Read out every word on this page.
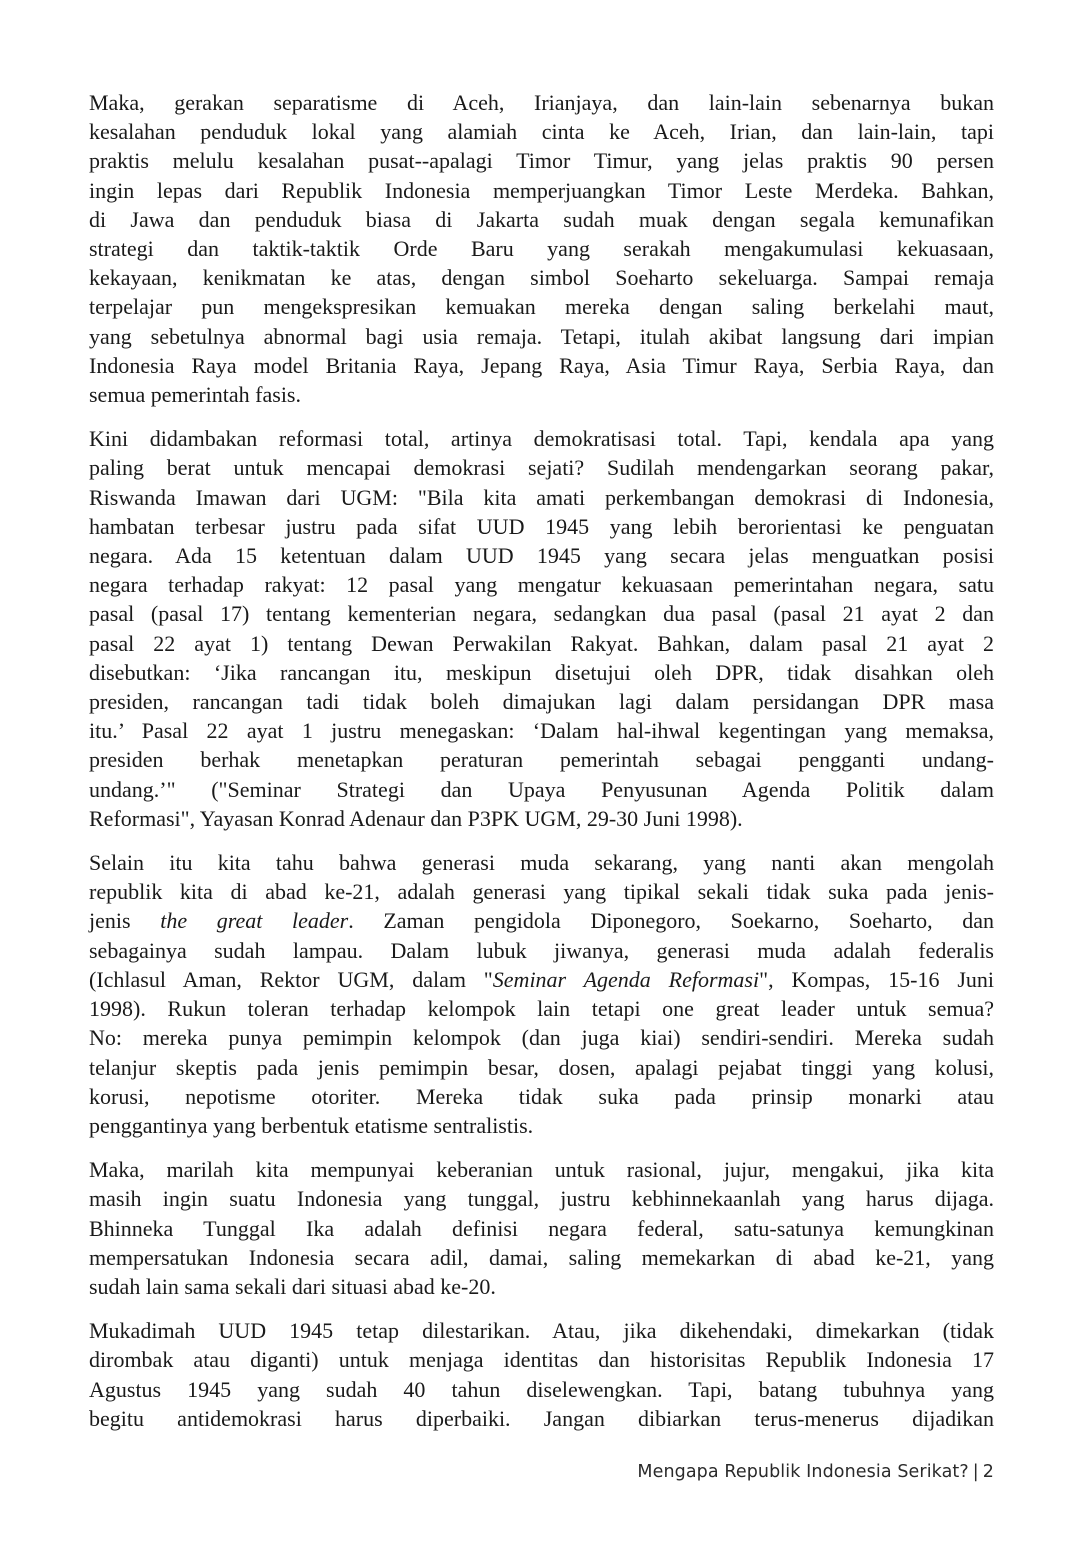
Maka, gerakan separatisme di Aceh, Irianjaya, dan lain-lain sebenarnya bukan
kesalahan penduduk lokal yang alamiah cinta ke Aceh, Irian, dan lain-lain, tapi
praktis melulu kesalahan pusat--apalagi Timor Timur, yang jelas praktis 90 persen
ingin lepas dari Republik Indonesia memperjuangkan Timor Leste Merdeka. Bahkan,
di Jawa dan penduduk biasa di Jakarta sudah muak dengan segala kemunafikan
strategi dan taktik-taktik Orde Baru yang serakah mengakumulasi kekuasaan,
kekayaan, kenikmatan ke atas, dengan simbol Soeharto sekeluarga. Sampai remaja
terpelajar pun mengekspresikan kemuakan mereka dengan saling berkelahi maut,
yang sebetulnya abnormal bagi usia remaja. Tetapi, itulah akibat langsung dari impian
Indonesia Raya model Britania Raya, Jepang Raya, Asia Timur Raya, Serbia Raya, dan
semua pemerintah fasis.

Kini didambakan reformasi total, artinya demokratisasi total. Tapi, kendala apa yang
paling berat untuk mencapai demokrasi sejati? Sudilah mendengarkan seorang pakar,
Riswanda Imawan dari UGM: "Bila kita amati perkembangan demokrasi di Indonesia,
hambatan terbesar justru pada sifat UUD 1945 yang lebih berorientasi ke penguatan
negara. Ada 15 ketentuan dalam UUD 1945 yang secara jelas menguatkan posisi
negara terhadap rakyat: 12 pasal yang mengatur kekuasaan pemerintahan negara, satu
pasal (pasal 17) tentang kementerian negara, sedangkan dua pasal (pasal 21 ayat 2 dan
pasal 22 ayat 1) tentang Dewan Perwakilan Rakyat. Bahkan, dalam pasal 21 ayat 2
disebutkan: ‘Jika rancangan itu, meskipun disetujui oleh DPR, tidak disahkan oleh
presiden, rancangan tadi tidak boleh dimajukan lagi dalam persidangan DPR masa
itu.’ Pasal 22 ayat 1 justru menegaskan: ‘Dalam hal-ihwal kegentingan yang memaksa,
presiden berhak menetapkan peraturan pemerintah sebagai pengganti undang-
undang.’" ("Seminar Strategi dan Upaya Penyusunan Agenda Politik dalam
Reformasi", Yayasan Konrad Adenaur dan P3PK UGM, 29-30 Juni 1998).

Selain itu kita tahu bahwa generasi muda sekarang, yang nanti akan mengolah
republik kita di abad ke-21, adalah generasi yang tipikal sekali tidak suka pada jenis-
jenis the great leader. Zaman pengidola Diponegoro, Soekarno, Soeharto, dan
sebagainya sudah lampau. Dalam lubuk jiwanya, generasi muda adalah federalis
(Ichlasul Aman, Rektor UGM, dalam "Seminar Agenda Reformasi", Kompas, 15-16 Juni
1998). Rukun toleran terhadap kelompok lain tetapi one great leader untuk semua?
No: mereka punya pemimpin kelompok (dan juga kiai) sendiri-sendiri. Mereka sudah
telanjur skeptis pada jenis pemimpin besar, dosen, apalagi pejabat tinggi yang kolusi,
korusi, nepotisme otoriter. Mereka tidak suka pada prinsip monarki atau
penggantinya yang berbentuk etatisme sentralistis.

Maka, marilah kita mempunyai keberanian untuk rasional, jujur, mengakui, jika kita
masih ingin suatu Indonesia yang tunggal, justru kebhinnekaanlah yang harus dijaga.
Bhinneka Tunggal Ika adalah definisi negara federal, satu-satunya kemungkinan
mempersatukan Indonesia secara adil, damai, saling memekarkan di abad ke-21, yang
sudah lain sama sekali dari situasi abad ke-20.

Mukadimah UUD 1945 tetap dilestarikan. Atau, jika dikehendaki, dimekarkan (tidak
dirombak atau diganti) untuk menjaga identitas dan historisitas Republik Indonesia 17
Agustus 1945 yang sudah 40 tahun diselewengkan. Tapi, batang tubuhnya yang
begitu antidemokrasi harus diperbaiki. Jangan dibiarkan terus-menerus dijadikan

Mengapa Republik Indonesia Serikat? | 2
